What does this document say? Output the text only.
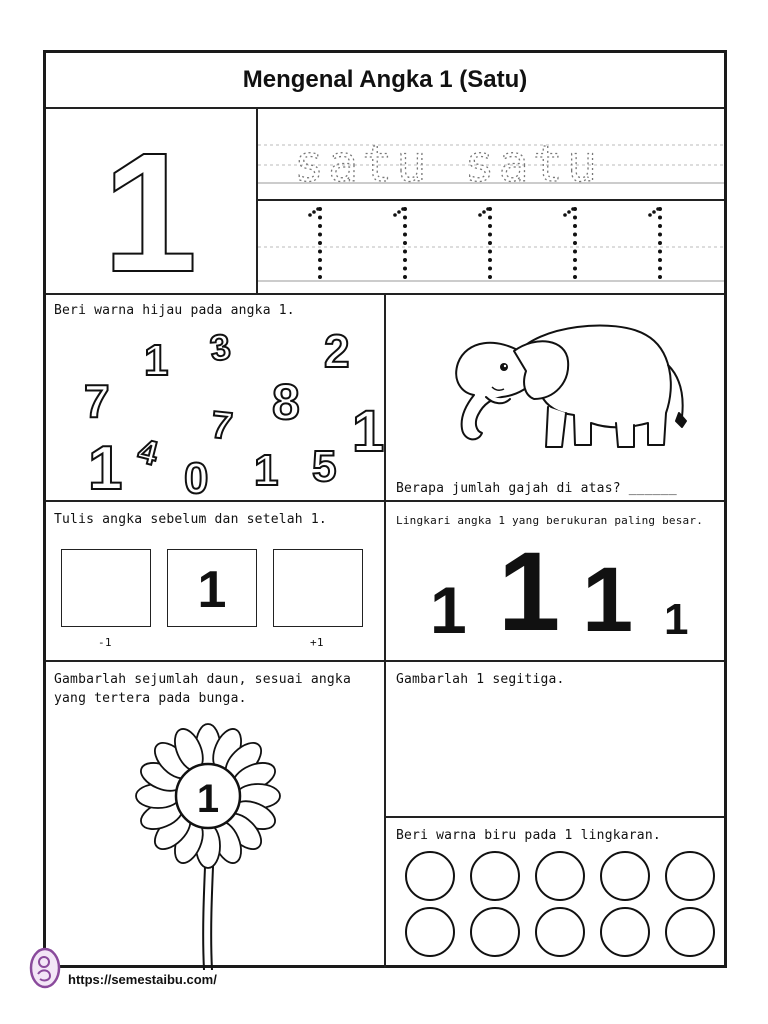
Mengenal Angka 1 (Satu)
1 satu satu
Beri warna hijau pada angka 1.
1 3 2
7	8
7
4	1
1 0 1 5	Berapa jumlah gajah di atas? ______
Tulis angka sebelum dan setelah 1.
1
-1	+1
Lingkari angka 1 yang berukuran paling besar.
1 1 1 1
Gambarlah sejumlah daun, sesuai angka
yang tertera pada bunga.
1
Gambarlah 1 segitiga.
Beri warna biru pada 1 lingkaran.
https://semestaibu.com/
